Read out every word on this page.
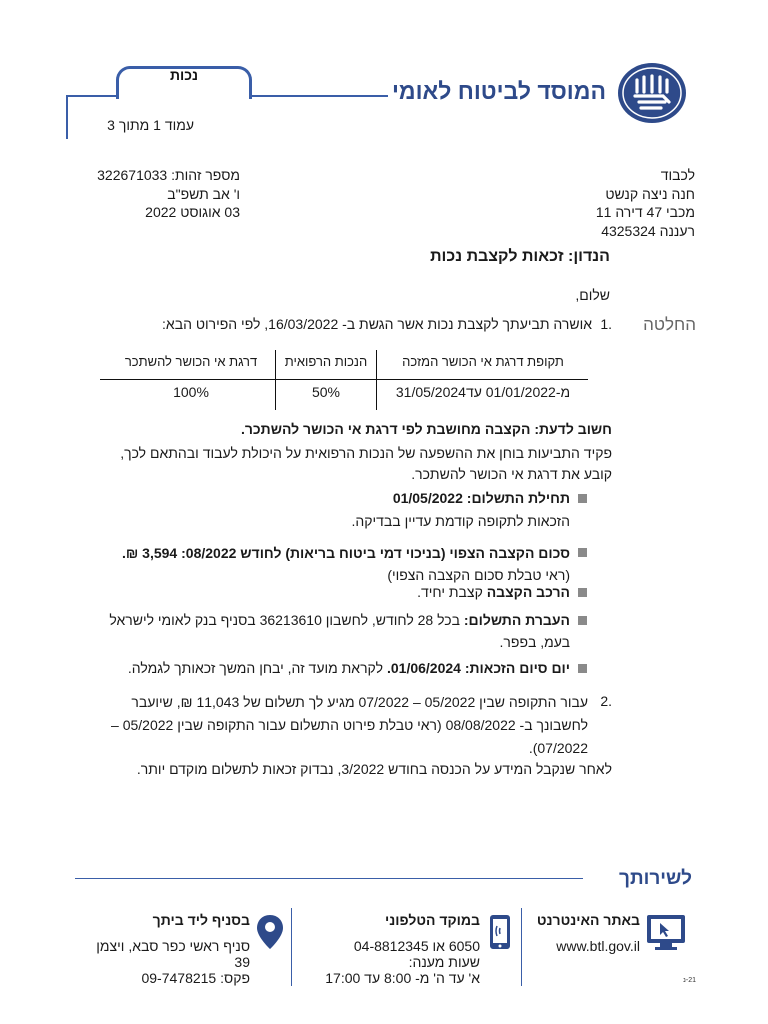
המוסד לביטוח לאומי
נכות
עמוד 1 מתוך 3
לכבוד
חנה ניצה קנשט
מכבי 47 דירה 11
רעננה 4325324
מספר זהות: 322671033
ו' אב תשפ"ב
03 אוגוסט 2022
הנדון: זכאות לקצבת נכות
שלום,
החלטה
1.
אושרה תביעתך לקצבת נכות אשר הגשת ב- 16/03/2022, לפי הפירוט הבא:
תקופת דרגת אי הכושר המזכה
הנכות הרפואית
דרגת אי הכושר להשתכר
מ-01/01/2022 עד31/05/2024
50%
100%
חשוב לדעת: הקצבה מחושבת לפי דרגת אי הכושר להשתכר.
פקיד התביעות בוחן את ההשפעה של הנכות הרפואית על היכולת לעבוד ובהתאם לכך,
קובע את דרגת אי הכושר להשתכר.
תחילת התשלום: 01/05/2022
הזכאות לתקופה קודמת עדיין בבדיקה.
סכום הקצבה הצפוי (בניכוי דמי ביטוח בריאות) לחודש 08/2022: 3,594 ₪.
(ראי טבלת סכום הקצבה הצפוי)
הרכב הקצבה קצבת יחיד.
העברת התשלום: בכל 28 לחודש, לחשבון 36213610 בסניף בנק לאומי לישראל
בעמ, בפפר.
יום סיום הזכאות: 01/06/2024. לקראת מועד זה, יבחן המשך זכאותך לגמלה.
2.
עבור התקופה שבין 05/2022 – 07/2022 מגיע לך תשלום של 11,043 ₪, שיועבר לחשבונך ב- 08/08/2022 (ראי טבלת פירוט התשלום עבור התקופה שבין 05/2022 – 07/2022).
לאחר שנקבל המידע על הכנסה בחודש 3/2022, נבדוק זכאות לתשלום מוקדם יותר.
לשירותך
באתר האינטרנט
www.btl.gov.il
במוקד הטלפוני
6050 או 04-8812345
שעות מענה:
א' עד ה' מ- 8:00 עד 17:00
בסניף ליד ביתך
סניף ראשי כפר סבא, ויצמן
39
פקס: 09-7478215	21-נ
